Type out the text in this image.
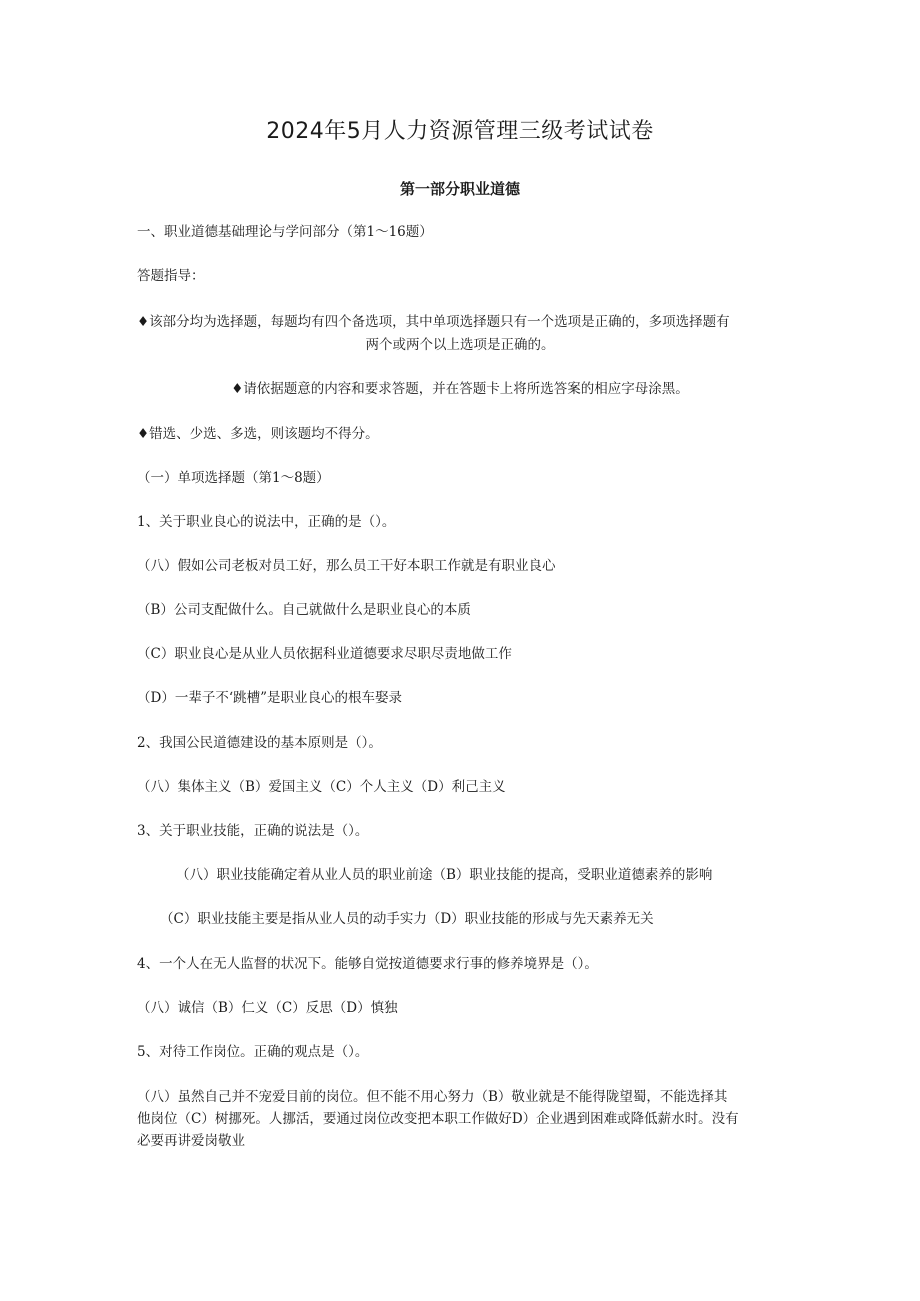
2024年5月人力资源管理三级考试试卷
第一部分职业道德
一、职业道德基础理论与学问部分（第1～16题）
答题指导：
♦该部分均为选择题，每题均有四个备选项，其中单项选择题只有一个选项是正确的，多项选择题有
两个或两个以上选项是正确的。
♦请依据题意的内容和要求答题，并在答题卡上将所选答案的相应字母涂黑。
♦错选、少选、多选，则该题均不得分。
（一）单项选择题（第1～8题）
1、关于职业良心的说法中，正确的是（）。
（八）假如公司老板对员工好，那么员工干好本职工作就是有职业良心
（B）公司支配做什么。自己就做什么是职业良心的本质
（C）职业良心是从业人员依据科业道德要求尽职尽责地做工作
（D）一辈子不‘跳槽”是职业良心的根车娶录
2、我国公民道德建设的基本原则是（）。
（八）集体主义（B）爱国主义（C）个人主义（D）利己主义
3、关于职业技能，正确的说法是（）。
（八）职业技能确定着从业人员的职业前途（B）职业技能的提高，受职业道德素养的影响
（C）职业技能主要是指从业人员的动手实力（D）职业技能的形成与先天素养无关
4、一个人在无人监督的状况下。能够自觉按道德要求行事的修养境界是（）。
（八）诚信（B）仁义（C）反思（D）慎独
5、对待工作岗位。正确的观点是（）。
（八）虽然自己并不宠爱目前的岗位。但不能不用心努力（B）敬业就是不能得陇望蜀，不能选择其
他岗位（C）树挪死。人挪活，要通过岗位改变把本职工作做好D）企业遇到困难或降低薪水时。没有
必要再讲爱岗敬业
